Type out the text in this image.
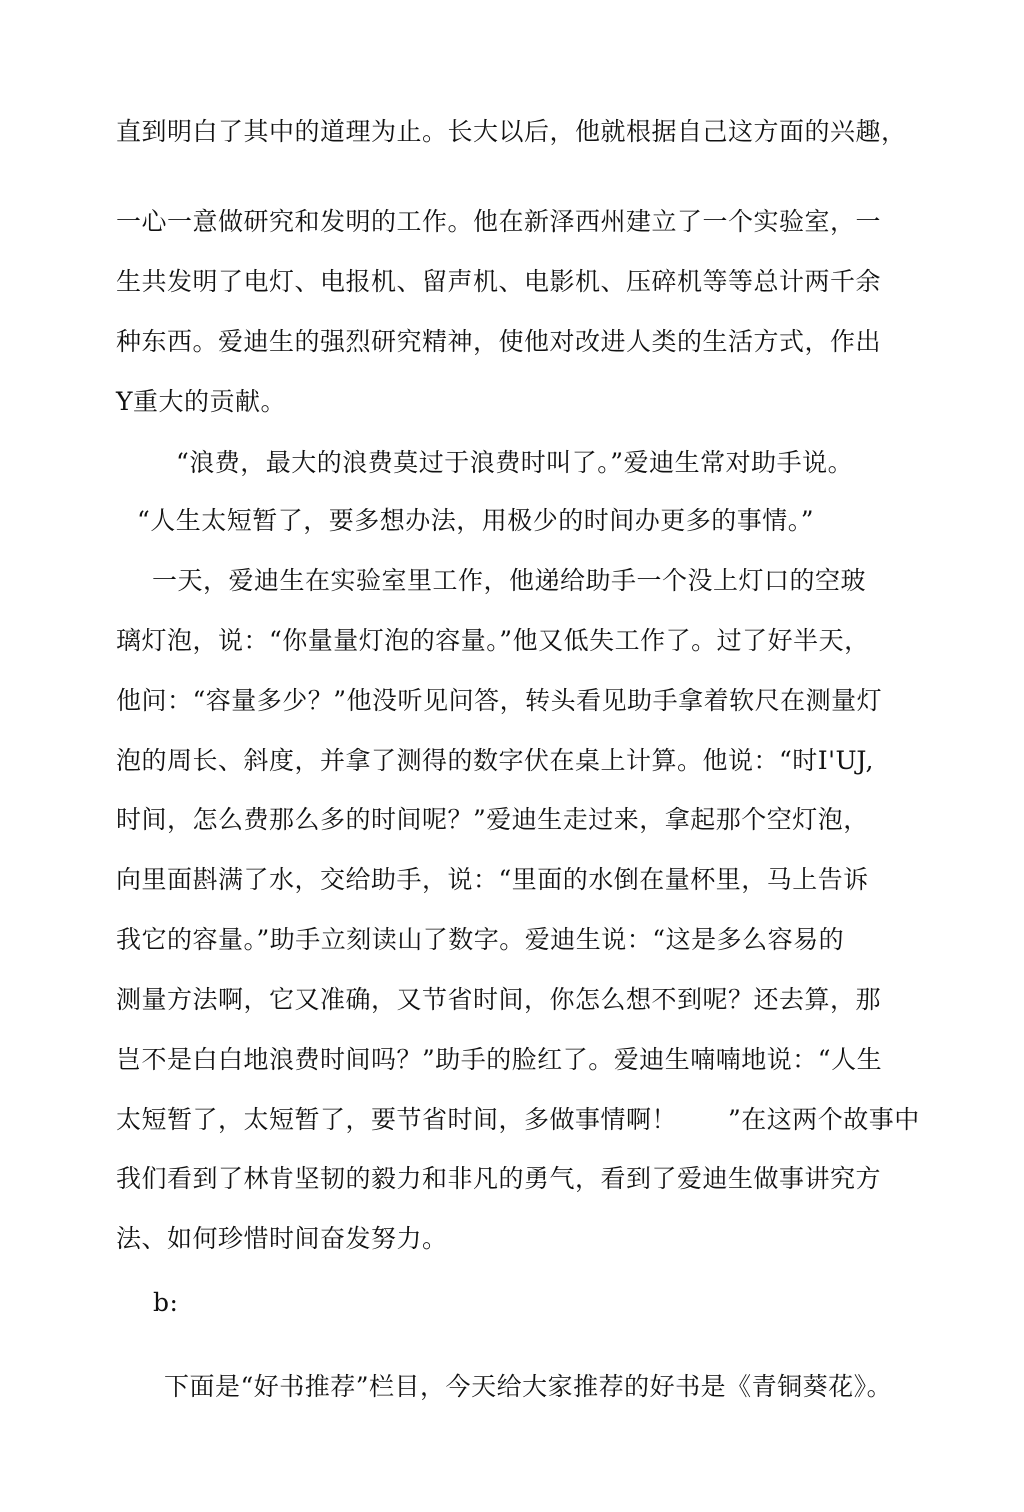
直到明白了其中的道理为止。长大以后，他就根据自己这方面的兴趣，
一心一意做研究和发明的工作。他在新泽西州建立了一个实验室，一
生共发明了电灯、电报机、留声机、电影机、压碎机等等总计两千余
种东西。爱迪生的强烈研究精神，使他对改进人类的生活方式，作出
Y重大的贡献。
“浪费，最大的浪费莫过于浪费时叫了。”爱迪生常对助手说。
“人生太短暂了，要多想办法，用极少的时间办更多的事情。”
一天，爱迪生在实验室里工作，他递给助手一个没上灯口的空玻
璃灯泡，说：“你量量灯泡的容量。”他又低失工作了。过了好半天，
他问：“容量多少？”他没听见问答，转头看见助手拿着软尺在测量灯
泡的周长、斜度，并拿了测得的数字伏在桌上计算。他说：“时I'UJ,
时间，怎么费那么多的时间呢？”爱迪生走过来，拿起那个空灯泡，
向里面斟满了水，交给助手，说：“里面的水倒在量杯里，马上告诉
我它的容量。”助手立刻读山了数字。爱迪生说：“这是多么容易的
测量方法啊，它又准确，又节省时间，你怎么想不到呢？还去算，那
岂不是白白地浪费时间吗？”助手的脸红了。爱迪生喃喃地说：“人生
太短暂了，太短暂了，要节省时间，多做事情啊！　　”在这两个故事中
我们看到了林肯坚韧的毅力和非凡的勇气，看到了爱迪生做事讲究方
法、如何珍惜时间奋发努力。
b:
下面是“好书推荐”栏目，今天给大家推荐的好书是《青铜葵花》。
